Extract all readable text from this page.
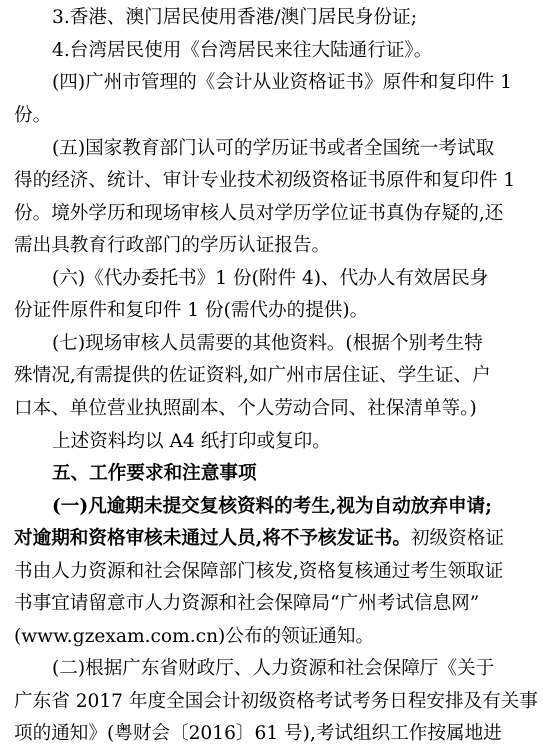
3.香港、澳门居民使用香港/澳门居民身份证;
4.台湾居民使用《台湾居民来往大陆通行证》。
(四)广州市管理的《会计从业资格证书》原件和复印件 1
份。
(五)国家教育部门认可的学历证书或者全国统一考试取
得的经济、统计、审计专业技术初级资格证书原件和复印件 1
份。境外学历和现场审核人员对学历学位证书真伪存疑的,还
需出具教育行政部门的学历认证报告。
(六)《代办委托书》1 份(附件 4)、代办人有效居民身
份证件原件和复印件 1 份(需代办的提供)。
(七)现场审核人员需要的其他资料。(根据个别考生特
殊情况,有需提供的佐证资料,如广州市居住证、学生证、户
口本、单位营业执照副本、个人劳动合同、社保清单等。)
上述资料均以 A4 纸打印或复印。
五、工作要求和注意事项
(一)凡逾期未提交复核资料的考生,视为自动放弃申请;
对逾期和资格审核未通过人员,将不予核发证书。初级资格证
书由人力资源和社会保障部门核发,资格复核通过考生领取证
书事宜请留意市人力资源和社会保障局“广州考试信息网”
(www.gzexam.com.cn)公布的领证通知。
(二)根据广东省财政厅、人力资源和社会保障厅《关于
广东省 2017 年度全国会计初级资格考试考务日程安排及有关事
项的通知》(粤财会〔2016〕61 号),考试组织工作按属地进
